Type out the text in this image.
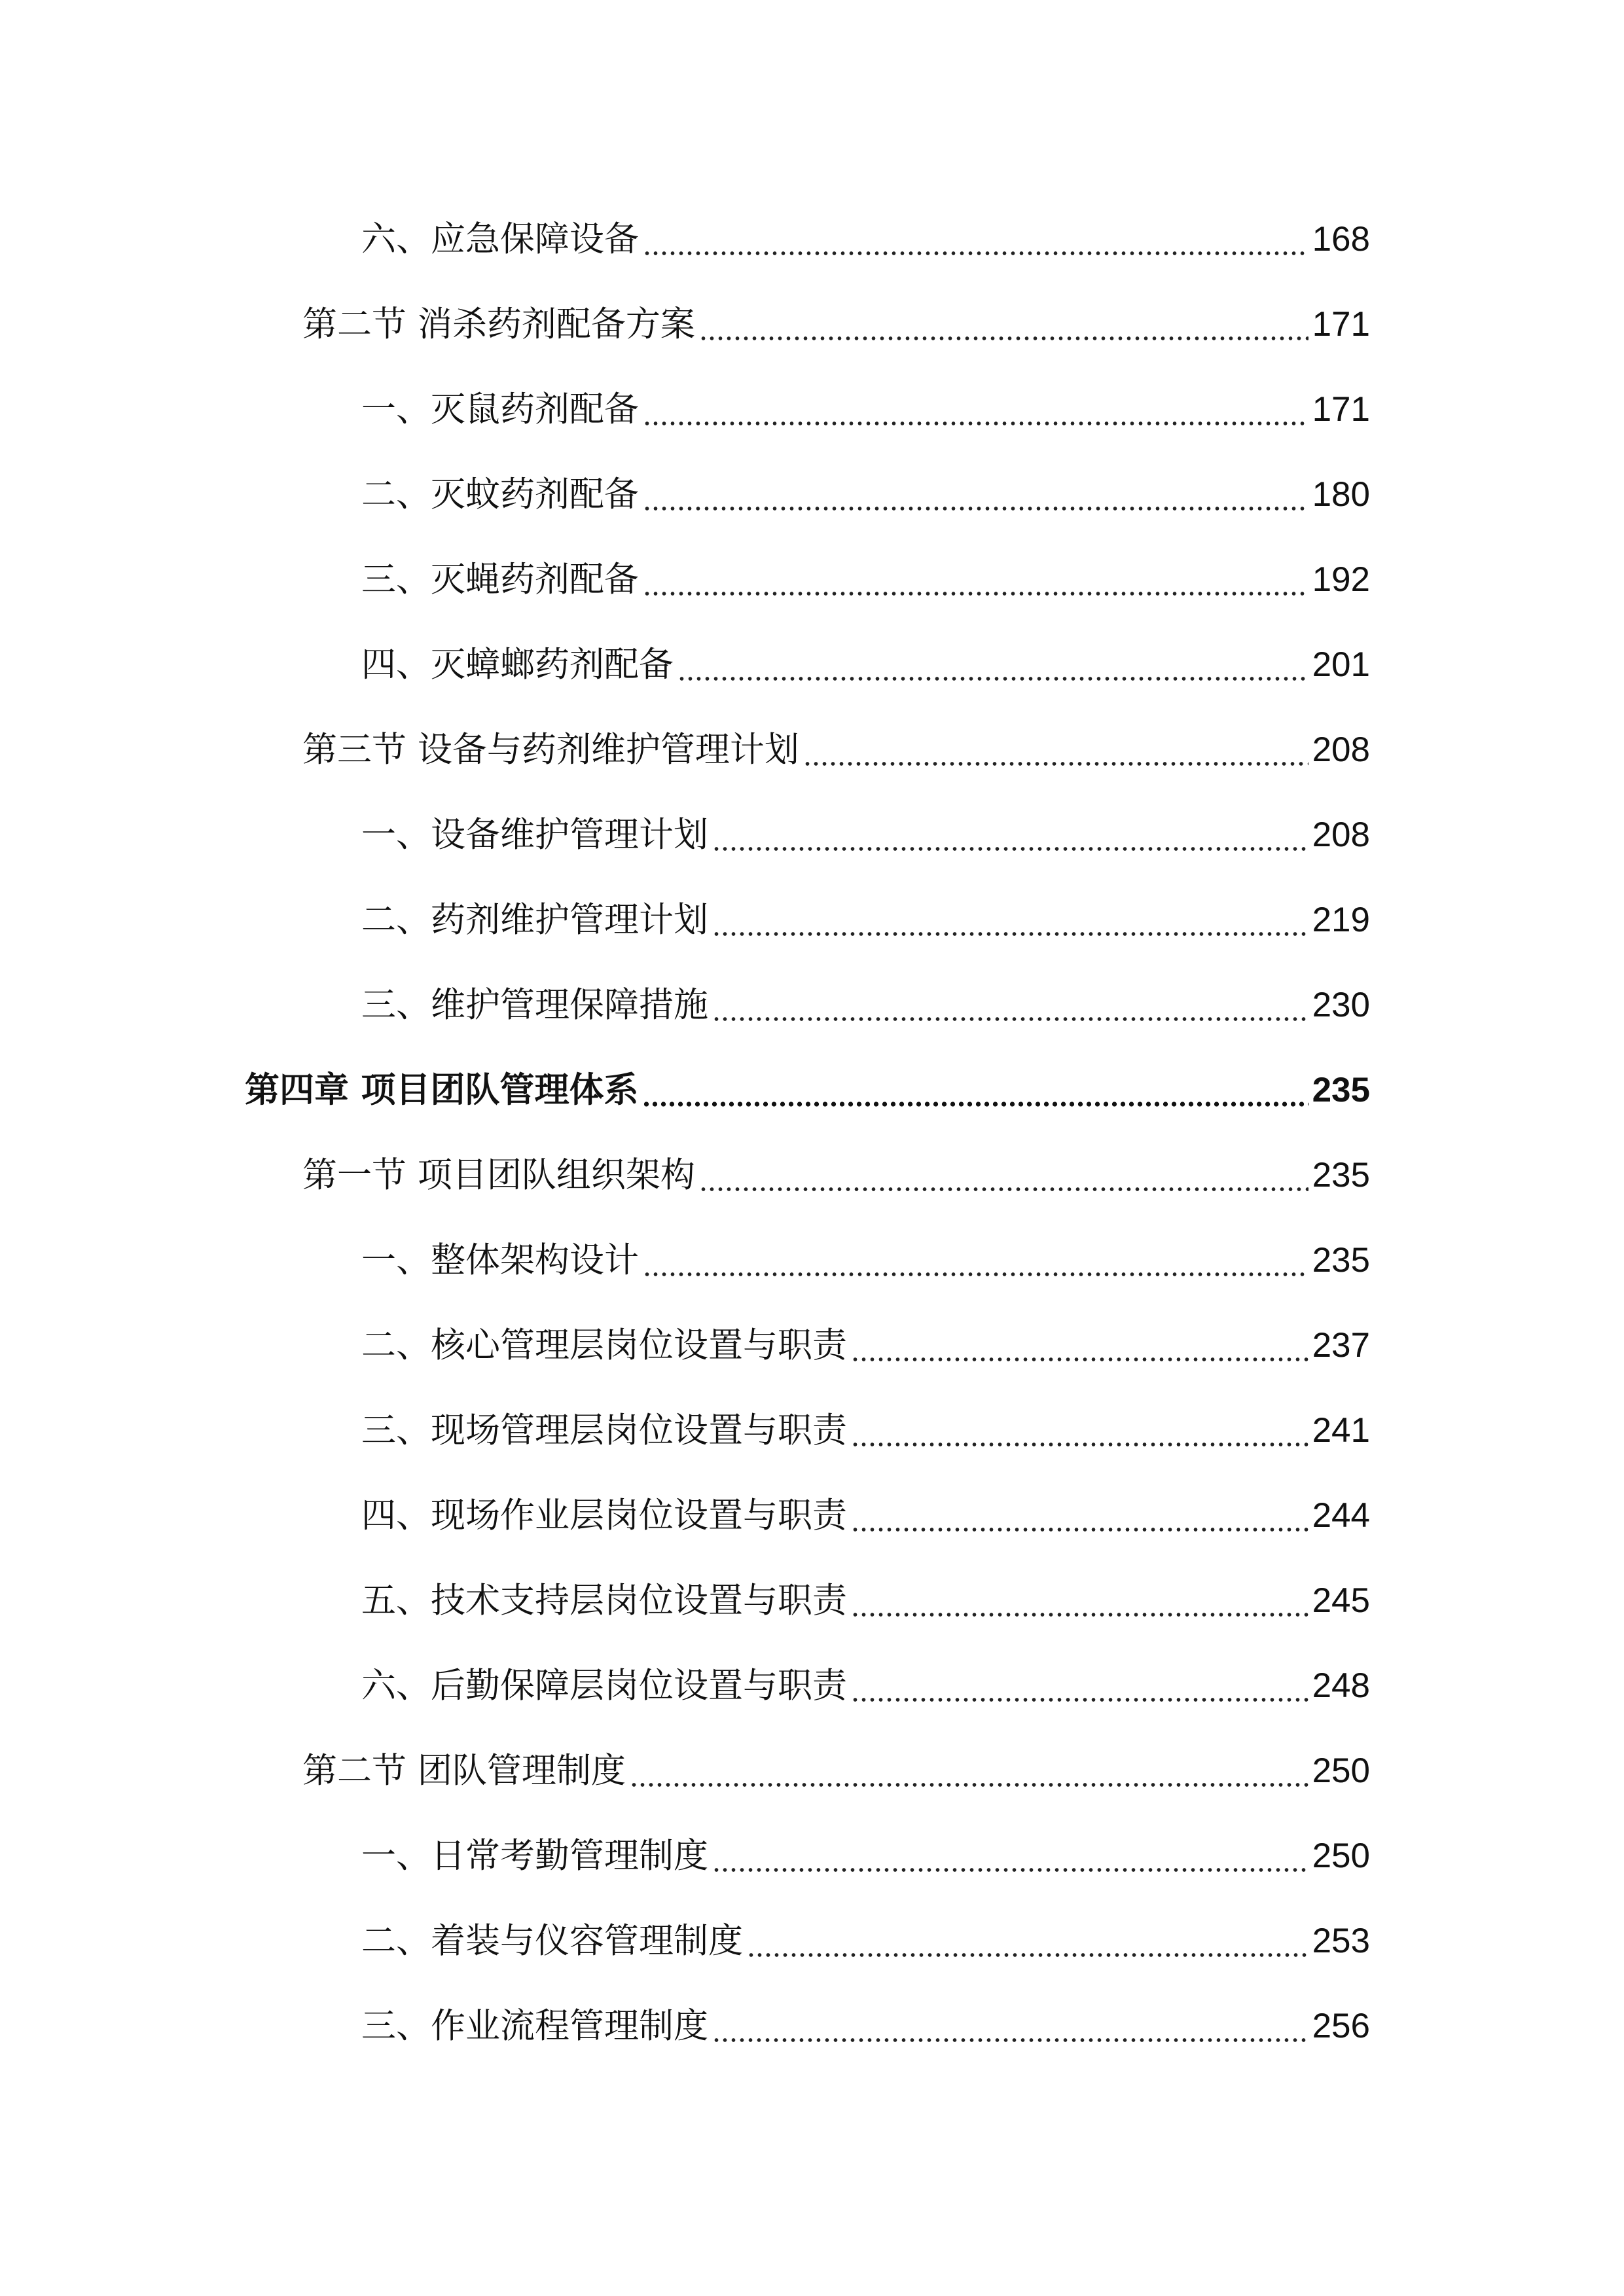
六、应急保障设备	168
第二节 消杀药剂配备方案	171
一、灭鼠药剂配备	171
二、灭蚊药剂配备	180
三、灭蝇药剂配备	192
四、灭蟑螂药剂配备	201
第三节 设备与药剂维护管理计划	208
一、设备维护管理计划	208
二、药剂维护管理计划	219
三、维护管理保障措施	230
第四章 项目团队管理体系	235
第一节 项目团队组织架构	235
一、整体架构设计	235
二、核心管理层岗位设置与职责	237
三、现场管理层岗位设置与职责	241
四、现场作业层岗位设置与职责	244
五、技术支持层岗位设置与职责	245
六、后勤保障层岗位设置与职责	248
第二节 团队管理制度	250
一、日常考勤管理制度	250
二、着装与仪容管理制度	253
三、作业流程管理制度	256
